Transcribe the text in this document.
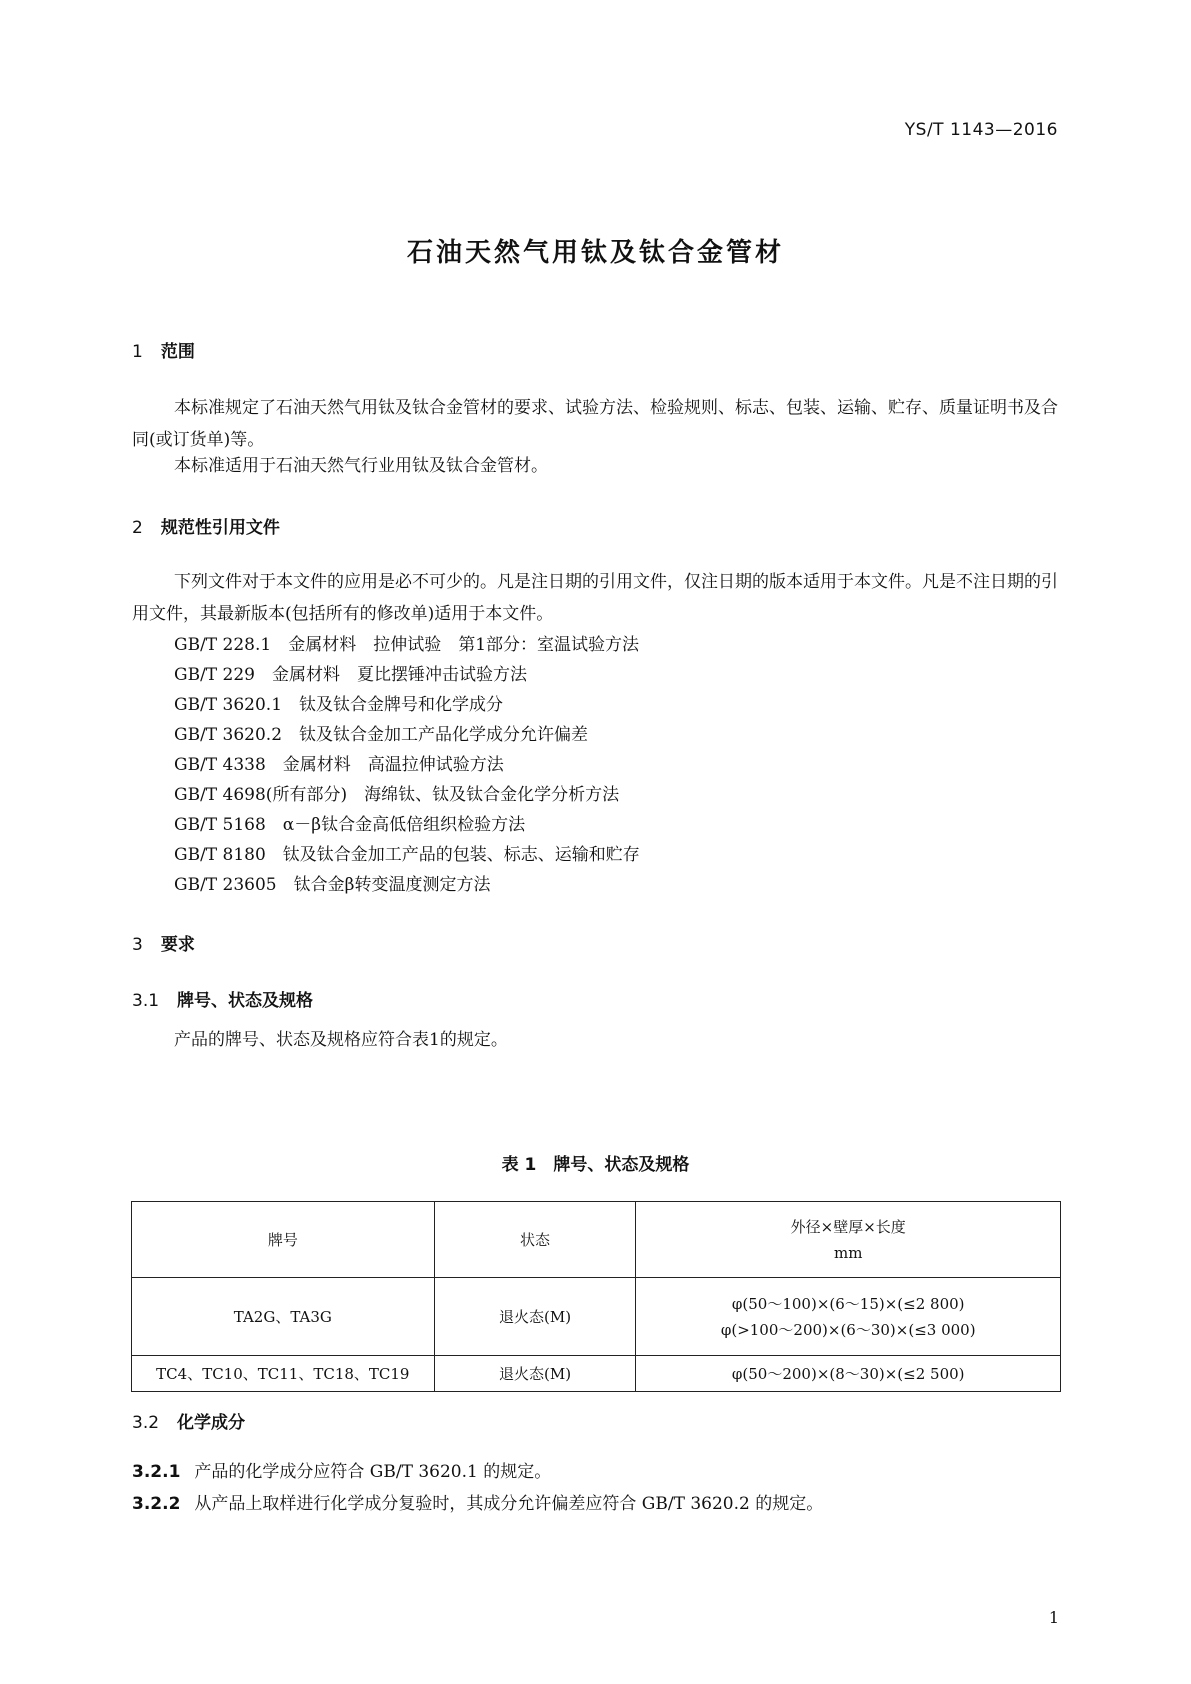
YS/T 1143—2016
石油天然气用钛及钛合金管材
1 范围
本标准规定了石油天然气用钛及钛合金管材的要求、试验方法、检验规则、标志、包装、运输、贮存、质量证明书及合同(或订货单)等。
本标准适用于石油天然气行业用钛及钛合金管材。
2 规范性引用文件
下列文件对于本文件的应用是必不可少的。凡是注日期的引用文件，仅注日期的版本适用于本文件。凡是不注日期的引用文件，其最新版本(包括所有的修改单)适用于本文件。
GB/T 228.1　金属材料　拉伸试验　第1部分：室温试验方法
GB/T 229　金属材料　夏比摆锤冲击试验方法
GB/T 3620.1　钛及钛合金牌号和化学成分
GB/T 3620.2　钛及钛合金加工产品化学成分允许偏差
GB/T 4338　金属材料　高温拉伸试验方法
GB/T 4698(所有部分)　海绵钛、钛及钛合金化学分析方法
GB/T 5168　α－β钛合金高低倍组织检验方法
GB/T 8180　钛及钛合金加工产品的包装、标志、运输和贮存
GB/T 23605　钛合金β转变温度测定方法
3 要求
3.1 牌号、状态及规格
产品的牌号、状态及规格应符合表1的规定。
表 1　牌号、状态及规格
牌号	状态	外径×壁厚×长度
mm

TA2G、TA3G	退火态(M)	φ(50～100)×(6～15)×(≤2 800)
φ(>100～200)×(6～30)×(≤3 000)

TC4、TC10、TC11、TC18、TC19	退火态(M)	φ(50～200)×(8～30)×(≤2 500)
3.2 化学成分
3.2.1 产品的化学成分应符合 GB/T 3620.1 的规定。
3.2.2 从产品上取样进行化学成分复验时，其成分允许偏差应符合 GB/T 3620.2 的规定。
1
